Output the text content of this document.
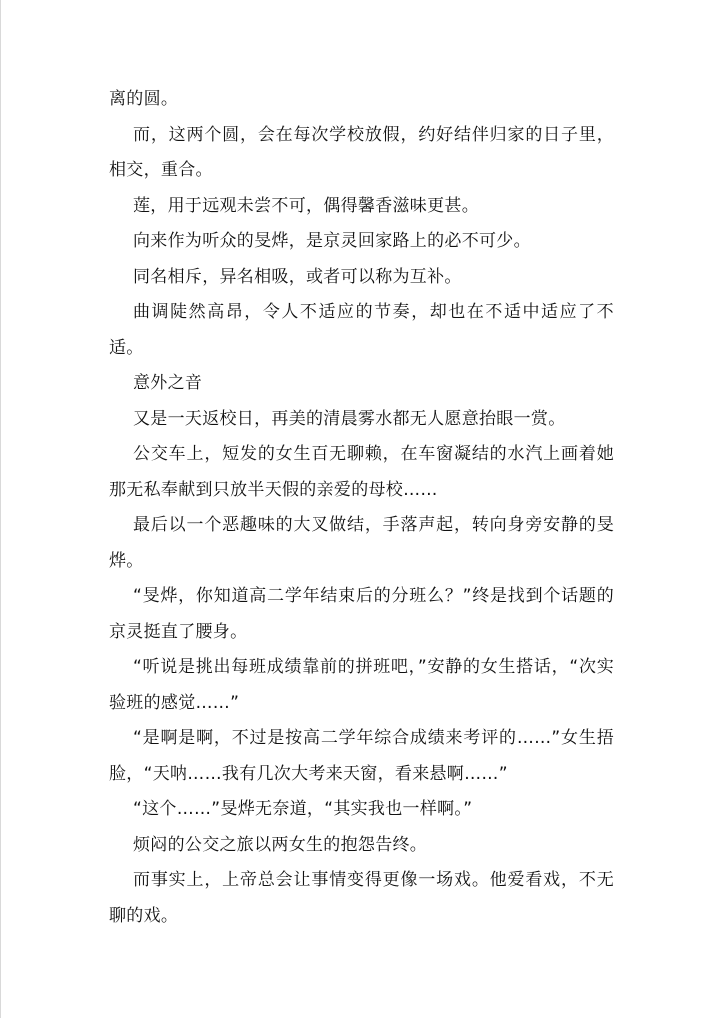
离的圆。

而，这两个圆，会在每次学校放假，约好结伴归家的日子里，相交，重合。

莲，用于远观未尝不可，偶得馨香滋味更甚。

向来作为听众的旻烨，是京灵回家路上的必不可少。

同名相斥，异名相吸，或者可以称为互补。

曲调陡然高昂，令人不适应的节奏，却也在不适中适应了不适。

意外之音

又是一天返校日，再美的清晨雾水都无人愿意抬眼一赏。

公交车上，短发的女生百无聊赖，在车窗凝结的水汽上画着她那无私奉献到只放半天假的亲爱的母校……

最后以一个恶趣味的大叉做结，手落声起，转向身旁安静的旻烨。

“旻烨，你知道高二学年结束后的分班么？”终是找到个话题的京灵挺直了腰身。

“听说是挑出每班成绩靠前的拼班吧，”安静的女生搭话，“次实验班的感觉……”

“是啊是啊，不过是按高二学年综合成绩来考评的……”女生捂脸，“天呐……我有几次大考来天窗，看来悬啊……”

“这个……”旻烨无奈道，“其实我也一样啊。”

烦闷的公交之旅以两女生的抱怨告终。

而事实上，上帝总会让事情变得更像一场戏。他爱看戏，不无聊的戏。
